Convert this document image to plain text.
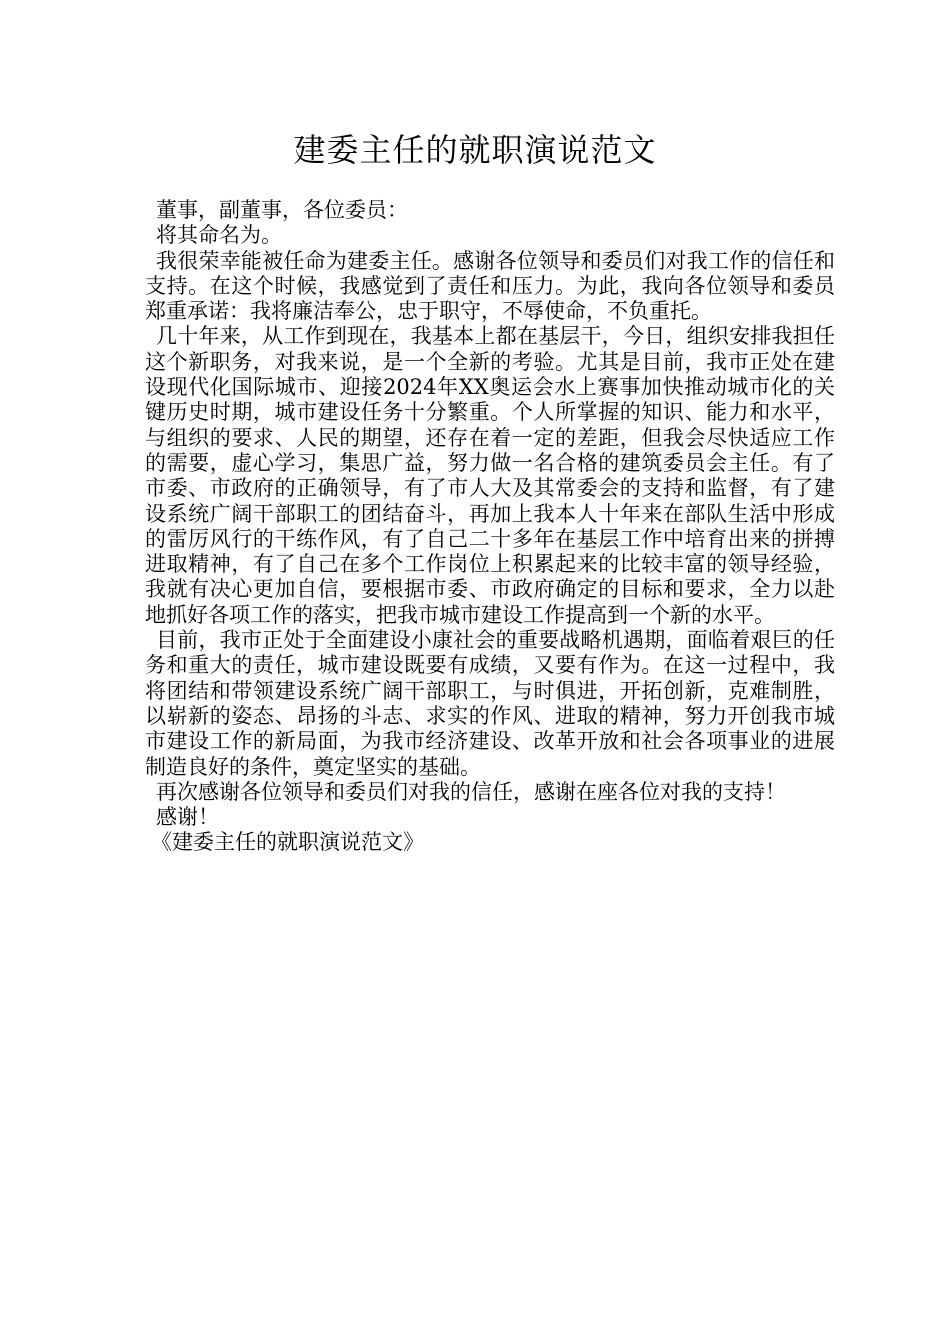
建委主任的就职演说范文

董事，副董事，各位委员：

将其命名为。

我很荣幸能被任命为建委主任。感谢各位领导和委员们对我工作的信任和支持。在这个时候，我感觉到了责任和压力。为此，我向各位领导和委员郑重承诺：我将廉洁奉公，忠于职守，不辱使命，不负重托。

几十年来，从工作到现在，我基本上都在基层干，今日，组织安排我担任这个新职务，对我来说，是一个全新的考验。尤其是目前，我市正处在建设现代化国际城市、迎接2024年XX奥运会水上赛事加快推动城市化的关键历史时期，城市建设任务十分繁重。个人所掌握的知识、能力和水平，与组织的要求、人民的期望，还存在着一定的差距，但我会尽快适应工作的需要，虚心学习，集思广益，努力做一名合格的建筑委员会主任。有了市委、市政府的正确领导，有了市人大及其常委会的支持和监督，有了建设系统广阔干部职工的团结奋斗，再加上我本人十年来在部队生活中形成的雷厉风行的干练作风，有了自己二十多年在基层工作中培育出来的拼搏进取精神，有了自己在多个工作岗位上积累起来的比较丰富的领导经验，我就有决心更加自信，要根据市委、市政府确定的目标和要求，全力以赴地抓好各项工作的落实，把我市城市建设工作提高到一个新的水平。

目前，我市正处于全面建设小康社会的重要战略机遇期，面临着艰巨的任务和重大的责任，城市建设既要有成绩，又要有作为。在这一过程中，我将团结和带领建设系统广阔干部职工，与时俱进，开拓创新，克难制胜，以崭新的姿态、昂扬的斗志、求实的作风、进取的精神，努力开创我市城市建设工作的新局面，为我市经济建设、改革开放和社会各项事业的进展制造良好的条件，奠定坚实的基础。

再次感谢各位领导和委员们对我的信任，感谢在座各位对我的支持！

感谢！

《建委主任的就职演说范文》
